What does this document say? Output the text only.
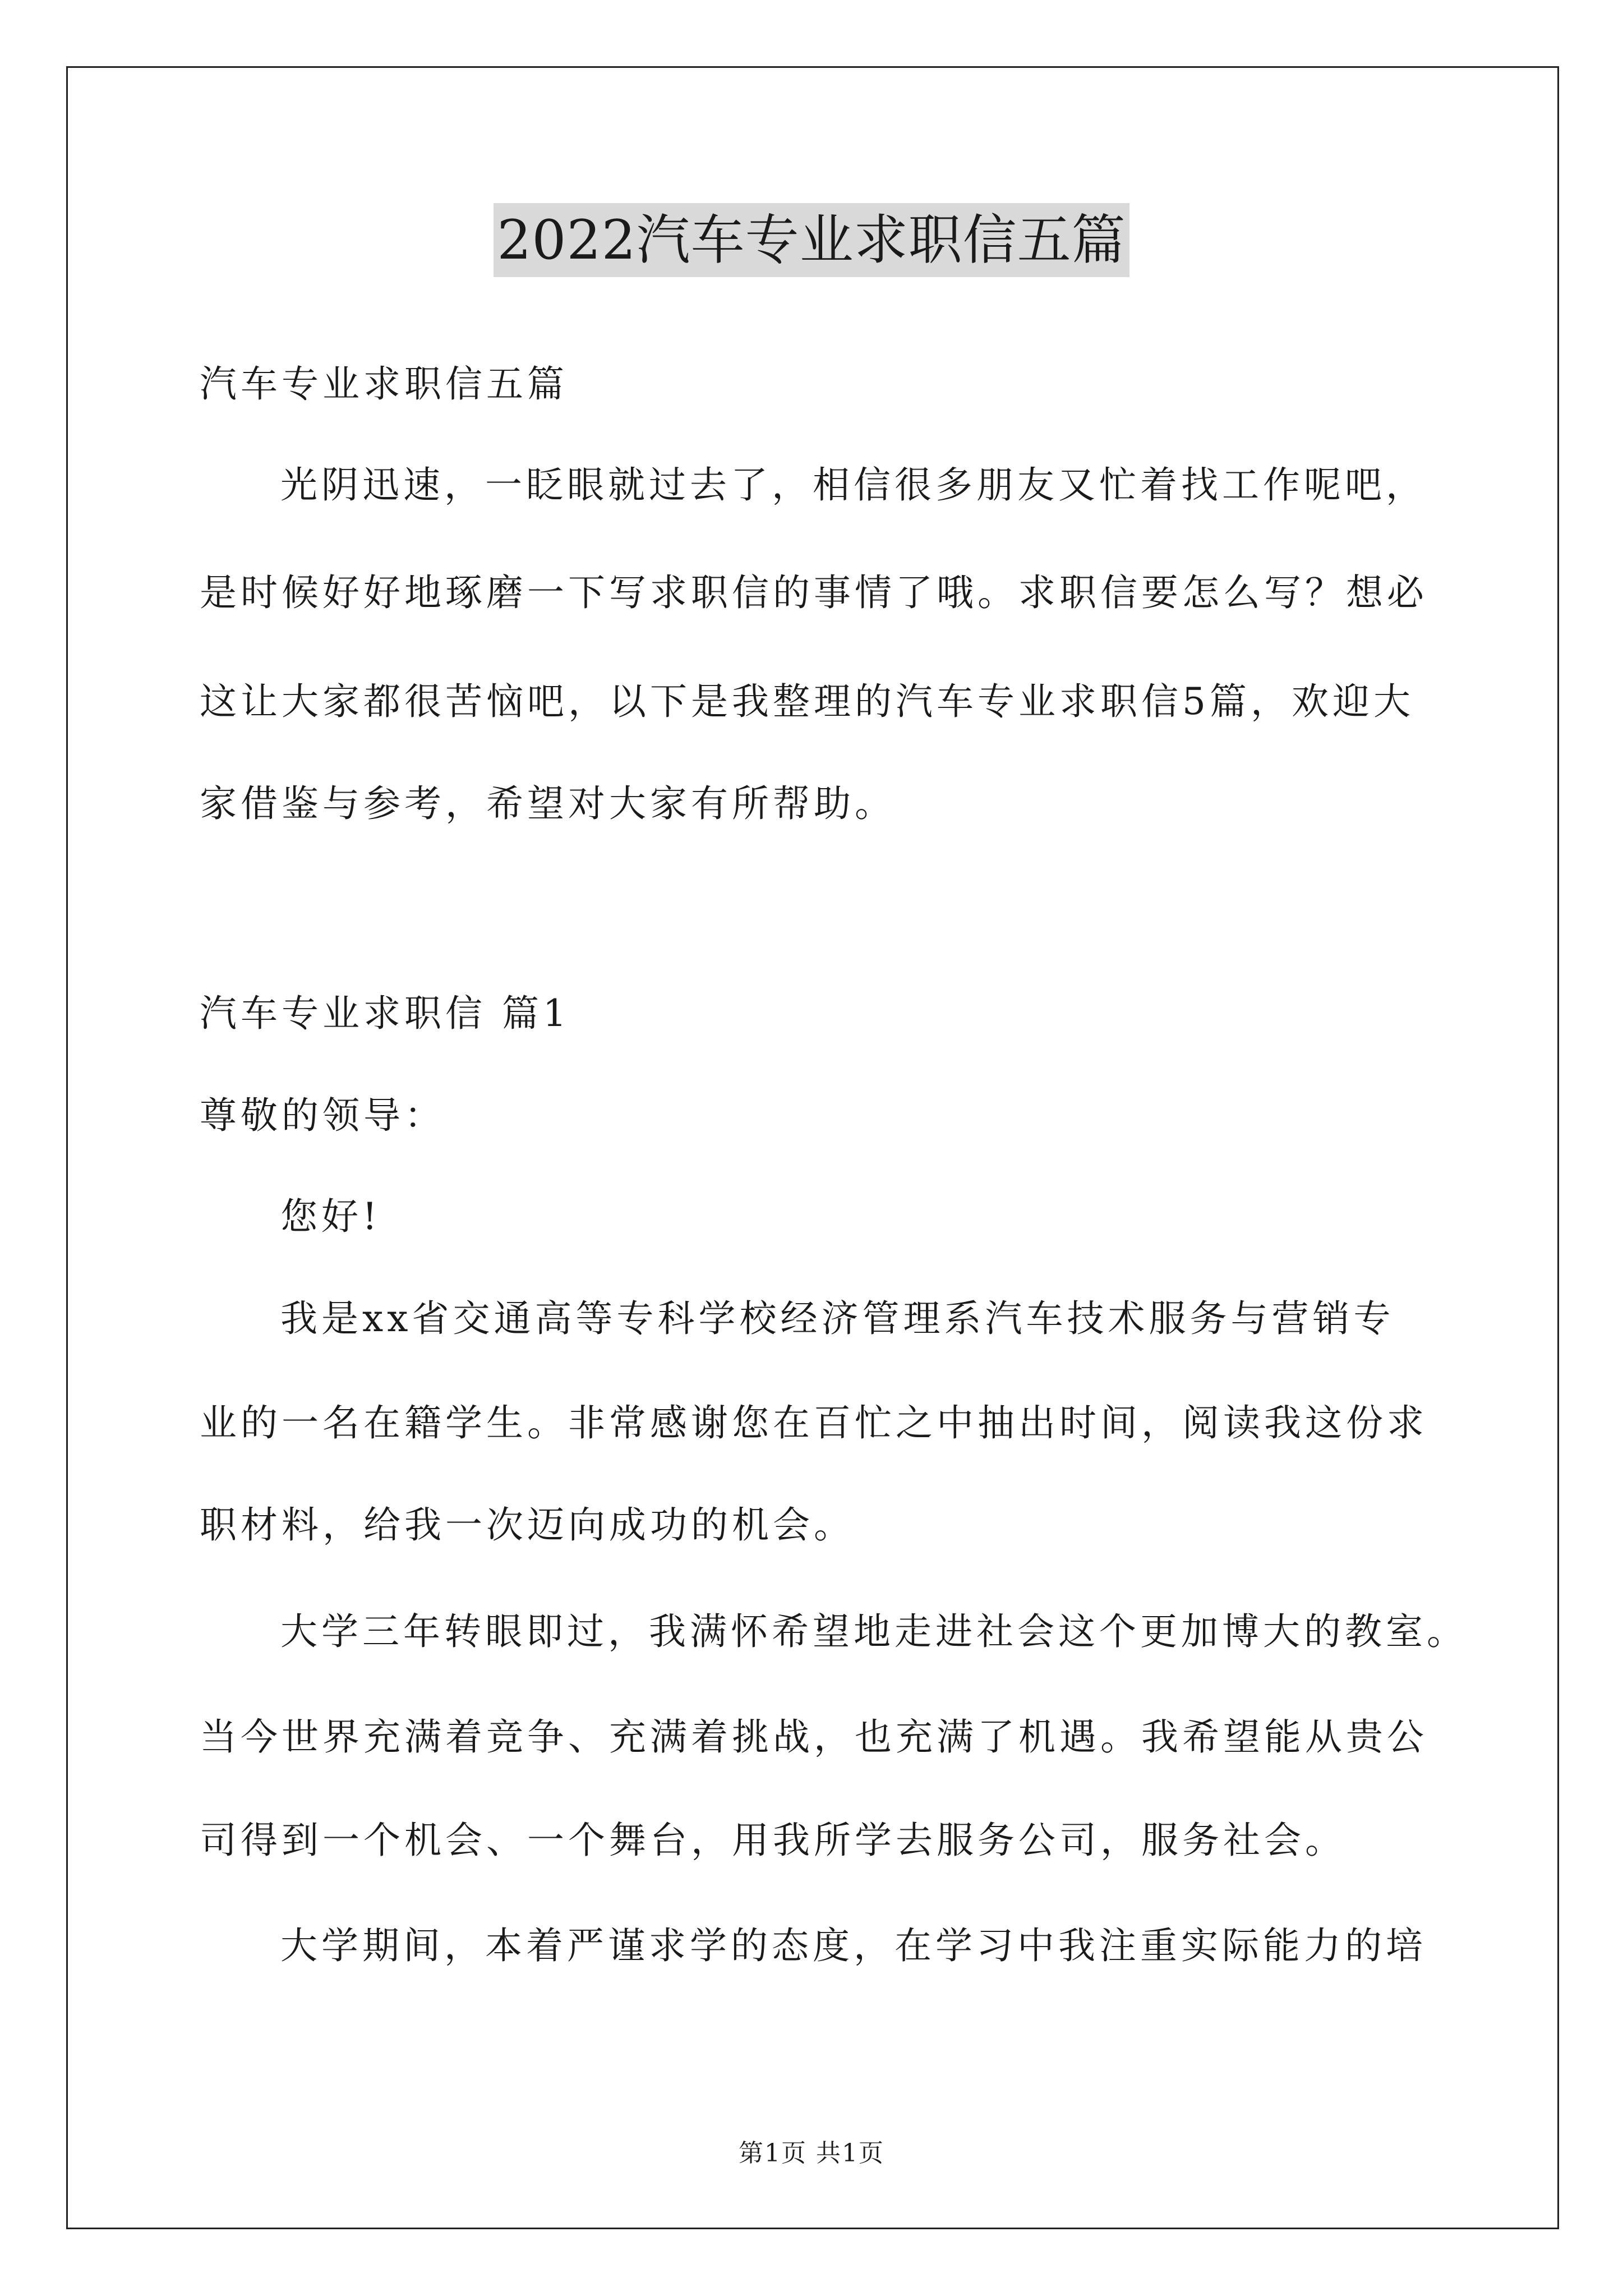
2022汽车专业求职信五篇
汽车专业求职信五篇
光阴迅速，一眨眼就过去了，相信很多朋友又忙着找工作呢吧，
是时候好好地琢磨一下写求职信的事情了哦。求职信要怎么写？想必
这让大家都很苦恼吧，以下是我整理的汽车专业求职信5篇，欢迎大
家借鉴与参考，希望对大家有所帮助。
汽车专业求职信 篇1
尊敬的领导：
您好!
我是xx省交通高等专科学校经济管理系汽车技术服务与营销专
业的一名在籍学生。非常感谢您在百忙之中抽出时间，阅读我这份求
职材料，给我一次迈向成功的机会。
大学三年转眼即过，我满怀希望地走进社会这个更加博大的教室。
当今世界充满着竞争、充满着挑战，也充满了机遇。我希望能从贵公
司得到一个机会、一个舞台，用我所学去服务公司，服务社会。
大学期间，本着严谨求学的态度，在学习中我注重实际能力的培
第1页 共1页
